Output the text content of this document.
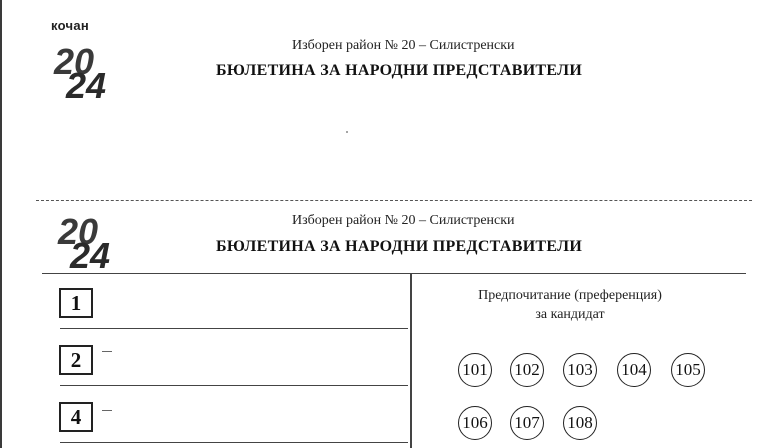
кочан
20
24
Изборен район № 20 – Силистренски
БЮЛЕТИНА ЗА НАРОДНИ ПРЕДСТАВИТЕЛИ
20
24
Изборен район № 20 – Силистренски
БЮЛЕТИНА ЗА НАРОДНИ ПРЕДСТАВИТЕЛИ
1
2
4
Предпочитание (преференция)
за кандидат
101 102 103 104 105
106 107 108
